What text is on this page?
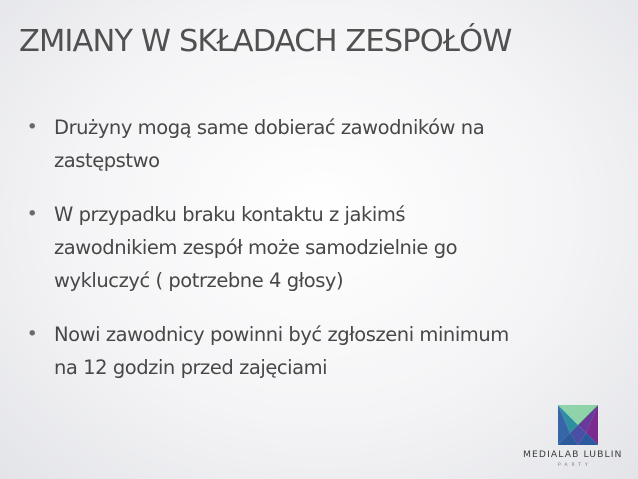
ZMIANY W SKŁADACH ZESPOŁÓW
• Drużyny mogą same dobierać zawodników na
zastępstwo
• W przypadku braku kontaktu z jakimś
zawodnikiem zespół może samodzielnie go
wykluczyć ( potrzebne 4 głosy)
• Nowi zawodnicy powinni być zgłoszeni minimum
na 12 godzin przed zajęciami
MEDIALAB LUBLIN
PARTY
